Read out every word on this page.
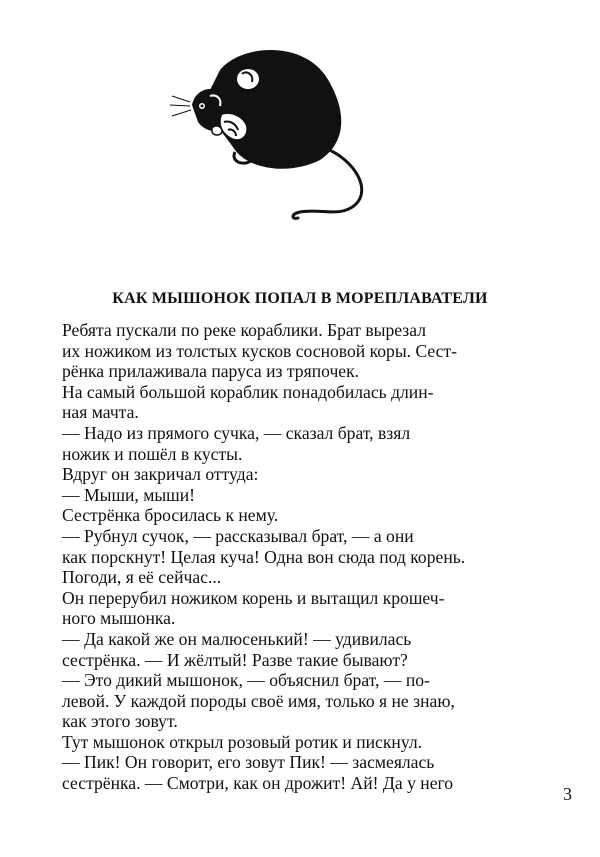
КАК МЫШОНОК ПОПАЛ В МОРЕПЛАВАТЕЛИ
Ребята пускали по реке кораблики. Брат вырезал
их ножиком из толстых кусков сосновой коры. Сест-
рёнка прилаживала паруса из тряпочек.
На самый большой кораблик понадобилась длин-
ная мачта.
— Надо из прямого сучка, — сказал брат, взял
ножик и пошёл в кусты.
Вдруг он закричал оттуда:
— Мыши, мыши!
Сестрёнка бросилась к нему.
— Рубнул сучок, — рассказывал брат, — а они
как порскнут! Целая куча! Одна вон сюда под корень.
Погоди, я её сейчас...
Он перерубил ножиком корень и вытащил крошеч-
ного мышонка.
— Да какой же он малюсенький! — удивилась
сестрёнка. — И жёлтый! Разве такие бывают?
— Это дикий мышонок, — объяснил брат, — по-
левой. У каждой породы своё имя, только я не знаю,
как этого зовут.
Тут мышонок открыл розовый ротик и пискнул.
— Пик! Он говорит, его зовут Пик! — засмеялась
сестрёнка. — Смотри, как он дрожит! Ай! Да у него
3
